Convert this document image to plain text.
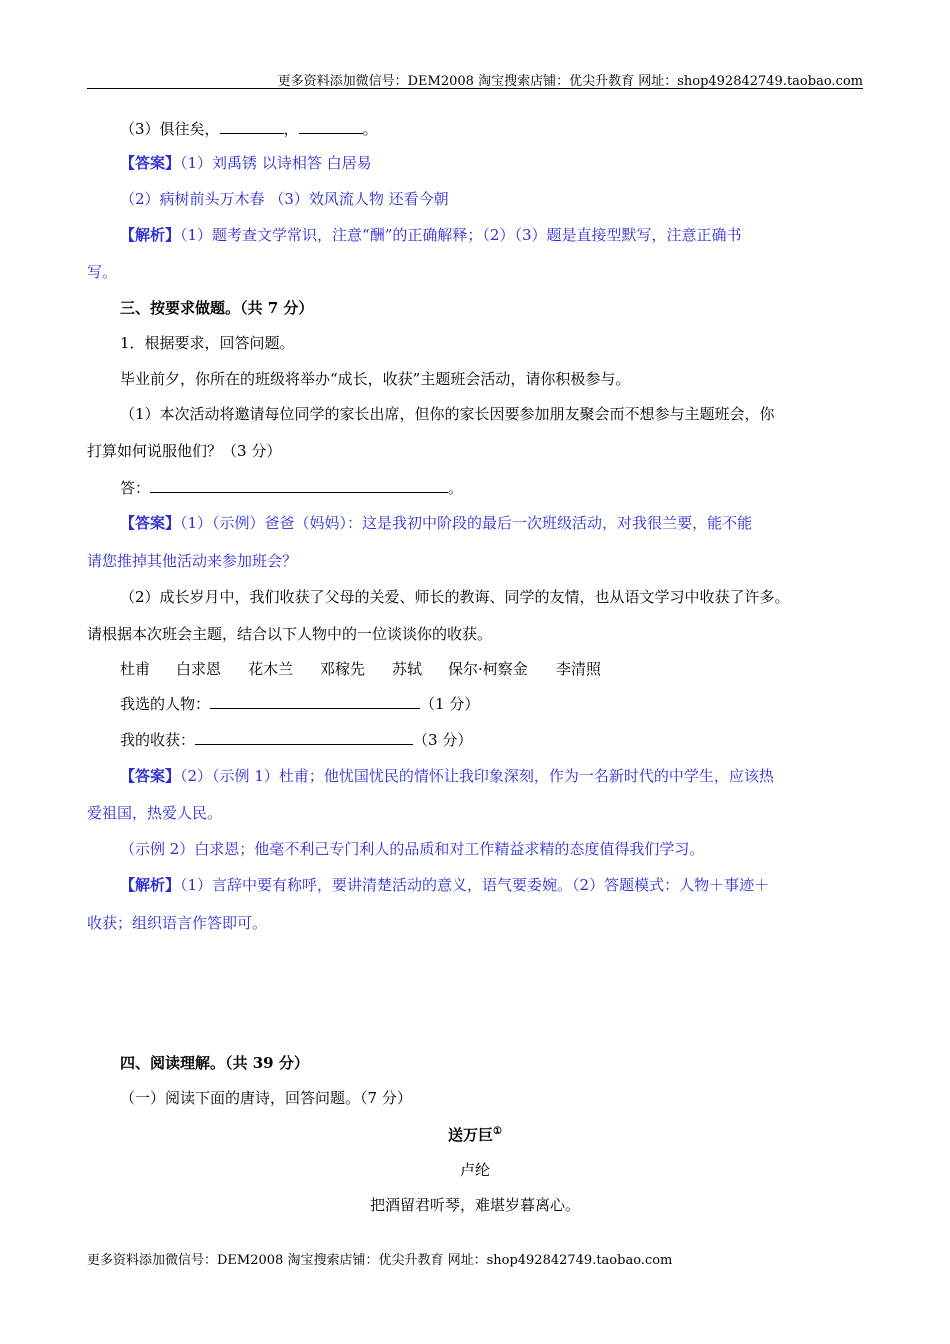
更多资料添加微信号：DEM2008 淘宝搜索店铺：优尖升教育 网址：shop492842749.taobao.com
（3）俱往矣，	，	。
【答案】（1）刘禹锈 以诗相答 白居易
（2）病树前头万木春 （3）效风流人物 还看今朝
【解析】（1）题考查文学常识，注意“酬”的正确解释；（2）（3）题是直接型默写，注意正确书
写。
三、按要求做题。（共 7 分）
1．根据要求，回答问题。
毕业前夕，你所在的班级将举办“成长，收获”主题班会活动，请你积极参与。
（1）本次活动将邀请每位同学的家长出席，但你的家长因要参加朋友聚会而不想参与主题班会，你
打算如何说服他们？（3 分）
答：	。
【答案】（1）（示例）爸爸（妈妈）：这是我初中阶段的最后一次班级活动，对我很兰要，能不能
请您推掉其他活动来参加班会？
（2）成长岁月中，我们收获了父母的关爱、师长的教诲、同学的友情，也从语文学习中收获了许多。
请根据本次班会主题，结合以下人物中的一位谈谈你的收获。
杜甫 白求恩 花木兰 邓稼先 苏轼 保尔·柯察金 李清照
我选的人物：	（1 分）
我的收获：	（3 分）
【答案】（2）（示例 1）杜甫；他忧国忧民的情怀让我印象深刻，作为一名新时代的中学生，应该热
爱祖国，热爱人民。
（示例 2）白求恩；他毫不利己专门利人的品质和对工作精益求精的态度值得我们学习。
【解析】（1）言辞中要有称呼，要讲清楚活动的意义，语气要委婉。（2）答题模式：人物＋事迹＋
收获；组织语言作答即可。
四、阅读理解。（共 39 分）
（一）阅读下面的唐诗，回答问题。（7 分）
送万巨①
卢纶
把酒留君听琴，难堪岁暮离心。
更多资料添加微信号：DEM2008 淘宝搜索店铺：优尖升教育 网址：shop492842749.taobao.com
